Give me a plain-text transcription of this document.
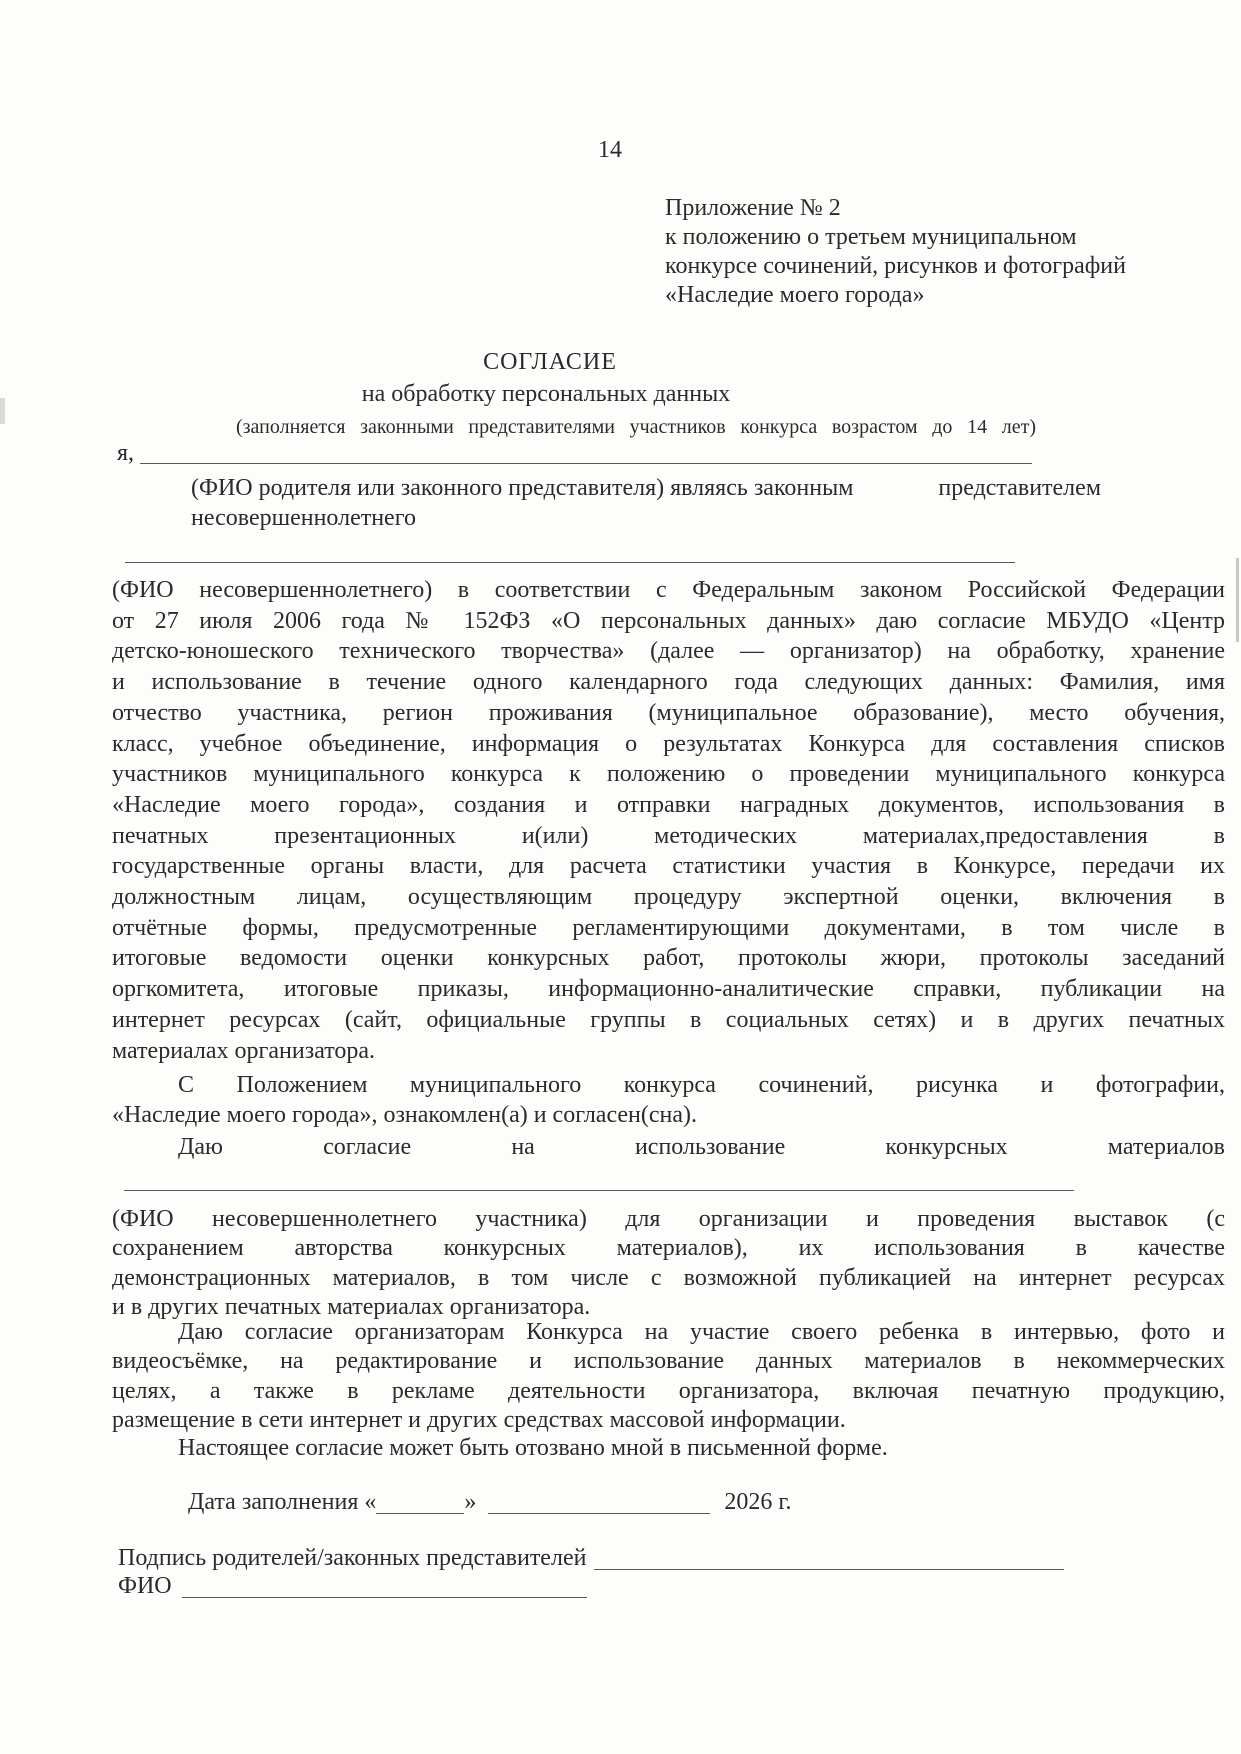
14
Приложение № 2
к положению о третьем муниципальном
конкурсе сочинений, рисунков и фотографий
«Наследие моего города»
СОГЛАСИЕ
на обработку персональных данных
(заполняется законными представителями участников конкурса возрастом до 14 лет)
я,
(ФИО родителя или законного представителя) являясь законным	представителем
несовершеннолетнего
(ФИО несовершеннолетнего) в соответствии с Федеральным законом Российской Федерации
от 27 июля 2006 года № 152ФЗ «О персональных данных» даю согласие МБУДО «Центр
детско-юношеского технического творчества» (далее — организатор) на обработку, хранение
и использование в течение одного календарного года следующих данных: Фамилия, имя
отчество участника, регион проживания (муниципальное образование), место обучения,
класс, учебное объединение, информация о результатах Конкурса для составления списков
участников муниципального конкурса к положению о проведении муниципального конкурса
«Наследие моего города», создания и отправки наградных документов, использования в
печатных презентационных и(или) методических материалах,предоставления в
государственные органы власти, для расчета статистики участия в Конкурсе, передачи их
должностным лицам, осуществляющим процедуру экспертной оценки, включения в
отчётные формы, предусмотренные регламентирующими документами, в том числе в
итоговые ведомости оценки конкурсных работ, протоколы жюри, протоколы заседаний
оргкомитета, итоговые приказы, информационно-аналитические справки, публикации на
интернет ресурсах (сайт, официальные группы в социальных сетях) и в других печатных
материалах организатора.
С Положением муниципального конкурса сочинений, рисунка и фотографии,
«Наследие моего города», ознакомлен(а) и согласен(сна).
Даю согласие на использование конкурсных материалов
(ФИО несовершеннолетнего участника) для организации и проведения выставок (с
сохранением авторства конкурсных материалов), их использования в качестве
демонстрационных материалов, в том числе с возможной публикацией на интернет ресурсах
и в других печатных материалах организатора.
Даю согласие организаторам Конкурса на участие своего ребенка в интервью, фото и
видеосъёмке, на редактирование и использование данных материалов в некоммерческих
целях, а также в рекламе деятельности организатора, включая печатную продукцию,
размещение в сети интернет и других средствах массовой информации.
Настоящее согласие может быть отозвано мной в письменной форме.
Дата заполнения «	»	2026 г.
Подпись родителей/законных представителей
ФИО
